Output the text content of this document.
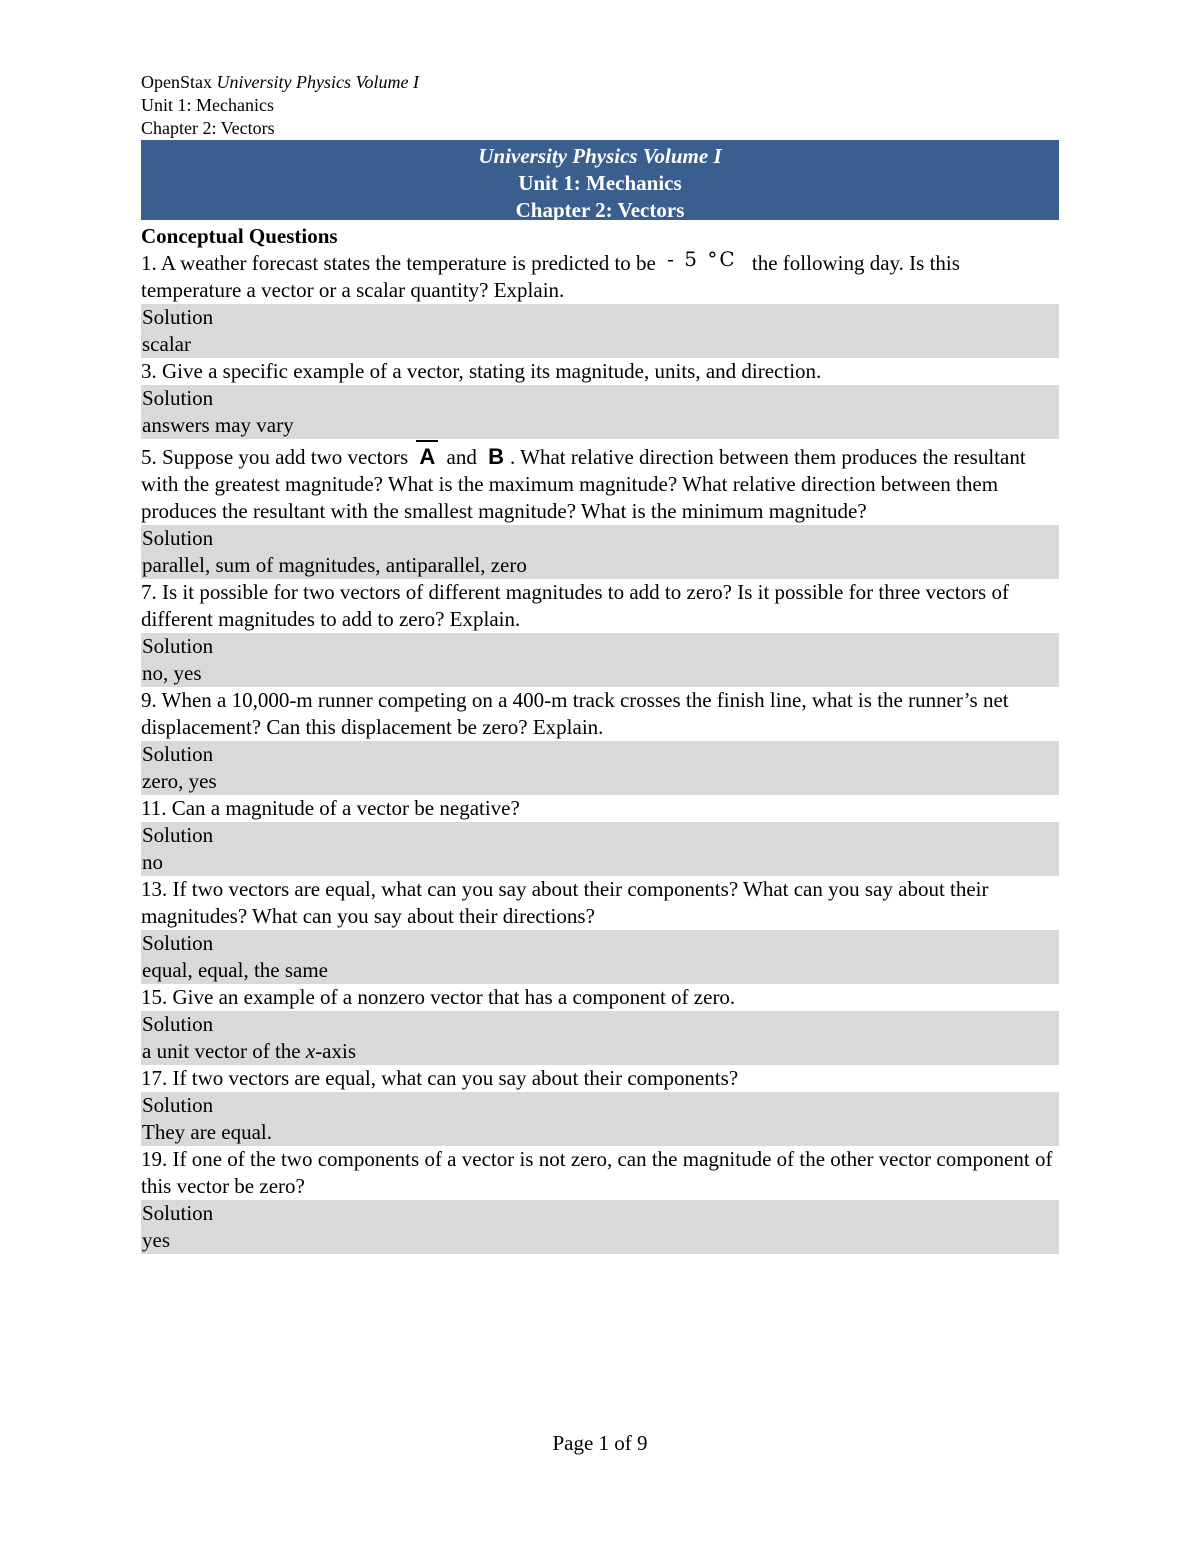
OpenStax University Physics Volume I
Unit 1: Mechanics
Chapter 2: Vectors
University Physics Volume I
Unit 1: Mechanics
Chapter 2: Vectors
Conceptual Questions
1. A weather forecast states the temperature is predicted to be - 5 °C the following day. Is this temperature a vector or a scalar quantity? Explain.
Solution
scalar
3. Give a specific example of a vector, stating its magnitude, units, and direction.
Solution
answers may vary
5. Suppose you add two vectors A and B . What relative direction between them produces the resultant with the greatest magnitude? What is the maximum magnitude? What relative direction between them produces the resultant with the smallest magnitude? What is the minimum magnitude?
Solution
parallel, sum of magnitudes, antiparallel, zero
7. Is it possible for two vectors of different magnitudes to add to zero? Is it possible for three vectors of different magnitudes to add to zero? Explain.
Solution
no, yes
9. When a 10,000-m runner competing on a 400-m track crosses the finish line, what is the runner’s net displacement? Can this displacement be zero? Explain.
Solution
zero, yes
11. Can a magnitude of a vector be negative?
Solution
no
13. If two vectors are equal, what can you say about their components? What can you say about their magnitudes? What can you say about their directions?
Solution
equal, equal, the same
15. Give an example of a nonzero vector that has a component of zero.
Solution
a unit vector of the x-axis
17. If two vectors are equal, what can you say about their components?
Solution
They are equal.
19. If one of the two components of a vector is not zero, can the magnitude of the other vector component of this vector be zero?
Solution
yes
Page 1 of 9
